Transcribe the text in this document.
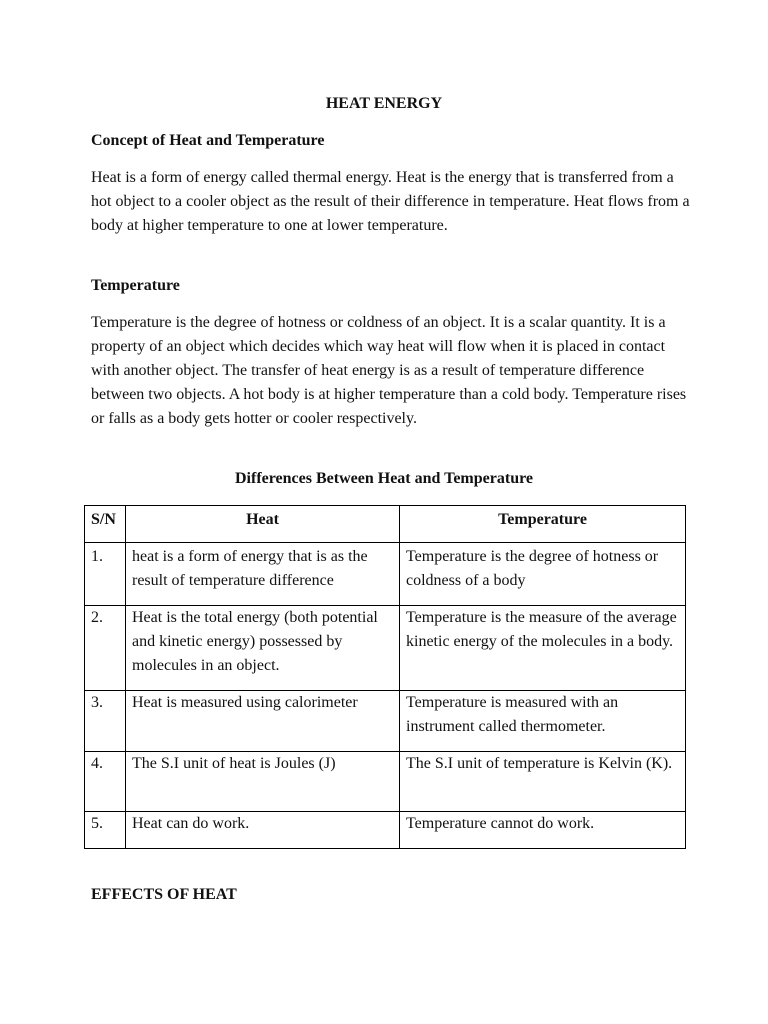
HEAT ENERGY
Concept of Heat and Temperature
Heat is a form of energy called thermal energy. Heat is the energy that is transferred from a hot object to a cooler object as the result of their difference in temperature. Heat flows from a body at higher temperature to one at lower temperature.
Temperature
Temperature is the degree of hotness or coldness of an object. It is a scalar quantity. It is a property of an object which decides which way heat will flow when it is placed in contact with another object. The transfer of heat energy is as a result of temperature difference between two objects. A hot body is at higher temperature than a cold body. Temperature rises or falls as a body gets hotter or cooler respectively.
Differences Between Heat and Temperature
S/N	Heat	Temperature

1.	heat is a form of energy that is as the result of temperature difference	Temperature is the degree of hotness or coldness of a body
2.	Heat is the total energy (both potential and kinetic energy) possessed by molecules in an object.	Temperature is the measure of the average kinetic energy of the molecules in a body.
3.	Heat is measured using calorimeter	Temperature is measured with an instrument called thermometer.
4.	The S.I unit of heat is Joules (J)	The S.I unit of temperature is Kelvin (K).
5.	Heat can do work.	Temperature cannot do work.
EFFECTS OF HEAT
